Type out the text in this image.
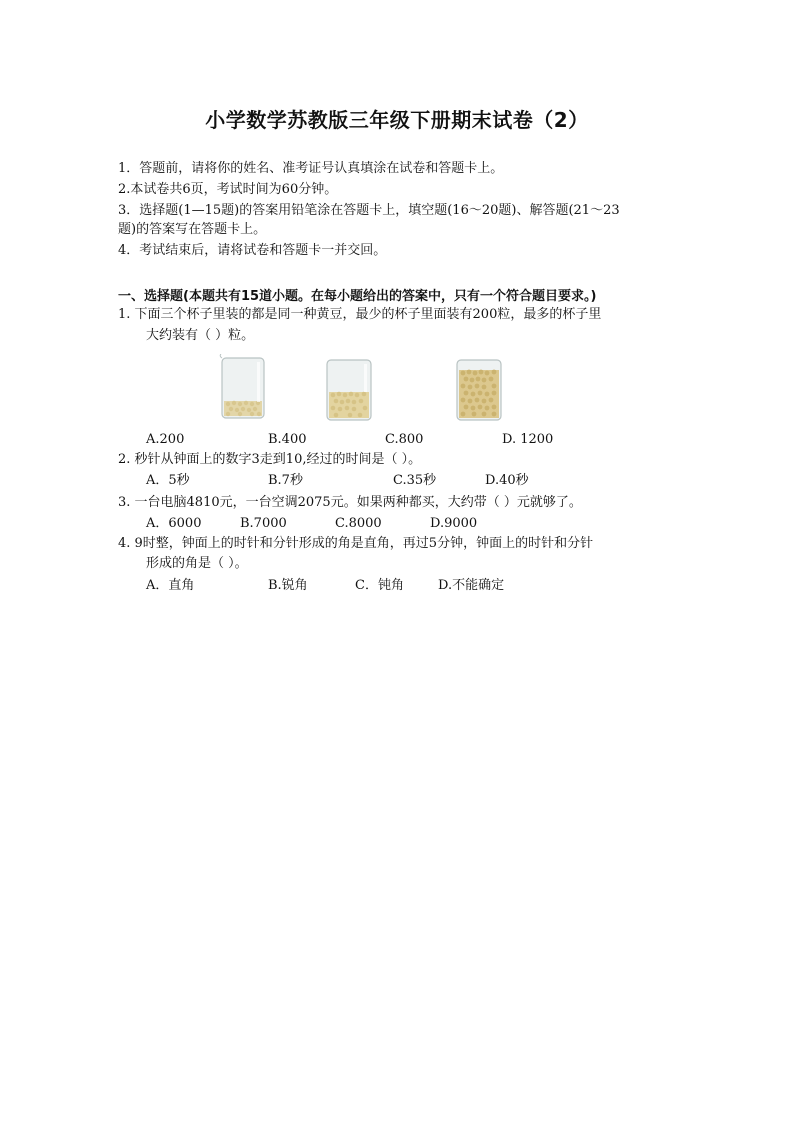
小学数学苏教版三年级下册期末试卷（2）
1．答题前，请将你的姓名、准考证号认真填涂在试卷和答题卡上。
2.本试卷共6页，考试时间为60分钟。
3．选择题(1—15题)的答案用铅笔涂在答题卡上，填空题(16～20题)、解答题(21～23
题)的答案写在答题卡上。
4．考试结束后，请将试卷和答题卡一并交回。
一、选择题(本题共有15道小题。在每小题给出的答案中，只有一个符合题目要求。)
1. 下面三个杯子里装的都是同一种黄豆，最少的杯子里面装有200粒，最多的杯子里
大约装有（ ）粒。
A.200	B.400	C.800	D. 1200
2. 秒针从钟面上的数字3走到10,经过的时间是（ ）。
A．5秒	B.7秒	C.35秒	D.40秒
3. 一台电脑4810元，一台空调2075元。如果两种都买，大约带（ ）元就够了。
A．6000	B.7000	C.8000	D.9000
4. 9时整，钟面上的时针和分针形成的角是直角，再过5分钟，钟面上的时针和分针
形成的角是（ ）。
A．直角	B.锐角	C．钝角	D.不能确定
